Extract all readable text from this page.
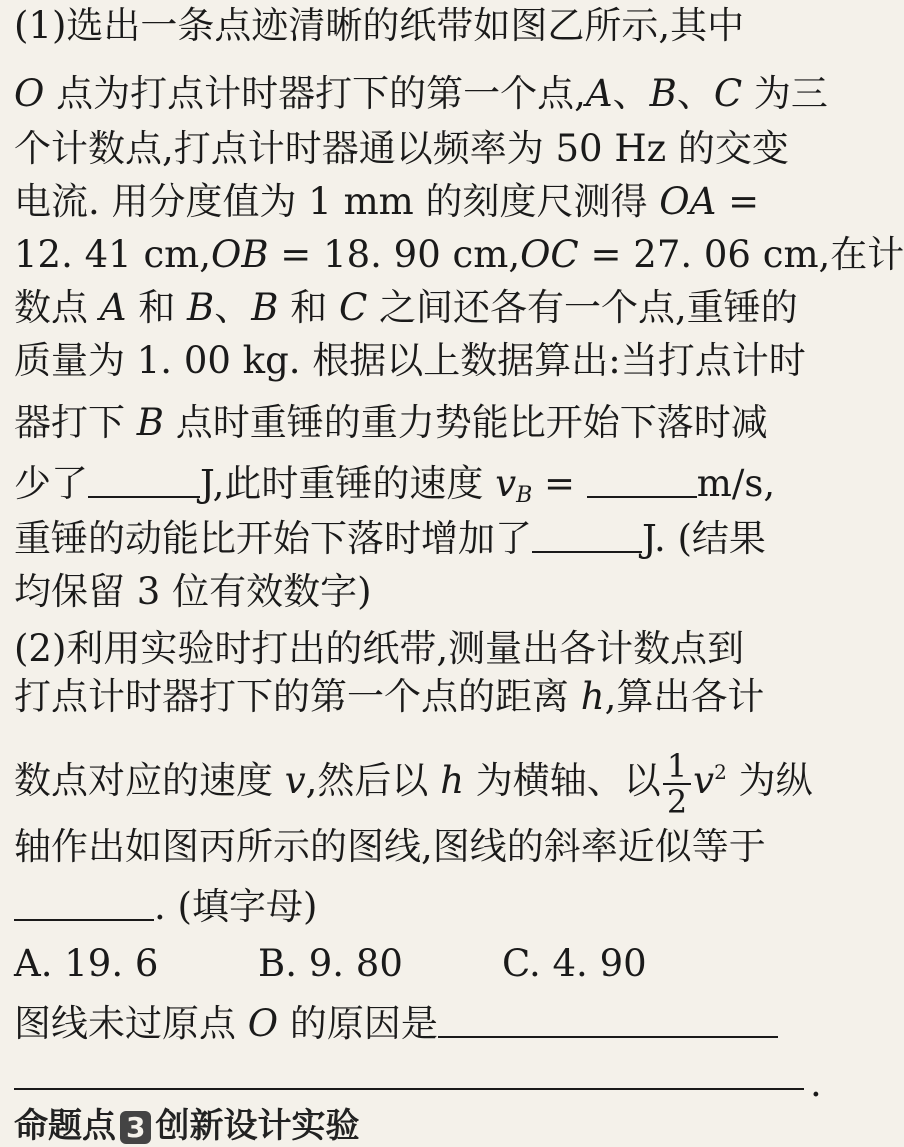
(1)选出一条点迹清晰的纸带如图乙所示,其中
O 点为打点计时器打下的第一个点,A、B、C 为三
个计数点,打点计时器通以频率为 50 Hz 的交变
电流. 用分度值为 1 mm 的刻度尺测得 OA =
12. 41 cm,OB = 18. 90 cm,OC = 27. 06 cm,在计
数点 A 和 B、B 和 C 之间还各有一个点,重锤的
质量为 1. 00 kg. 根据以上数据算出:当打点计时
器打下 B 点时重锤的重力势能比开始下落时减
少了	J,此时重锤的速度 $v_B$ =	m/s,
重锤的动能比开始下落时增加了	J. (结果
均保留 3 位有效数字)
(2)利用实验时打出的纸带,测量出各计数点到
打点计时器打下的第一个点的距离 h,算出各计
数点对应的速度 v,然后以 h 为横轴、以 $\frac{1}{2} v^2$ 为纵
轴作出如图丙所示的图线,图线的斜率近似等于
. (填字母)
A. 19. 6	B. 9. 80	C. 4. 90
图线未过原点 O 的原因是
.
命题点 3 创新设计实验
